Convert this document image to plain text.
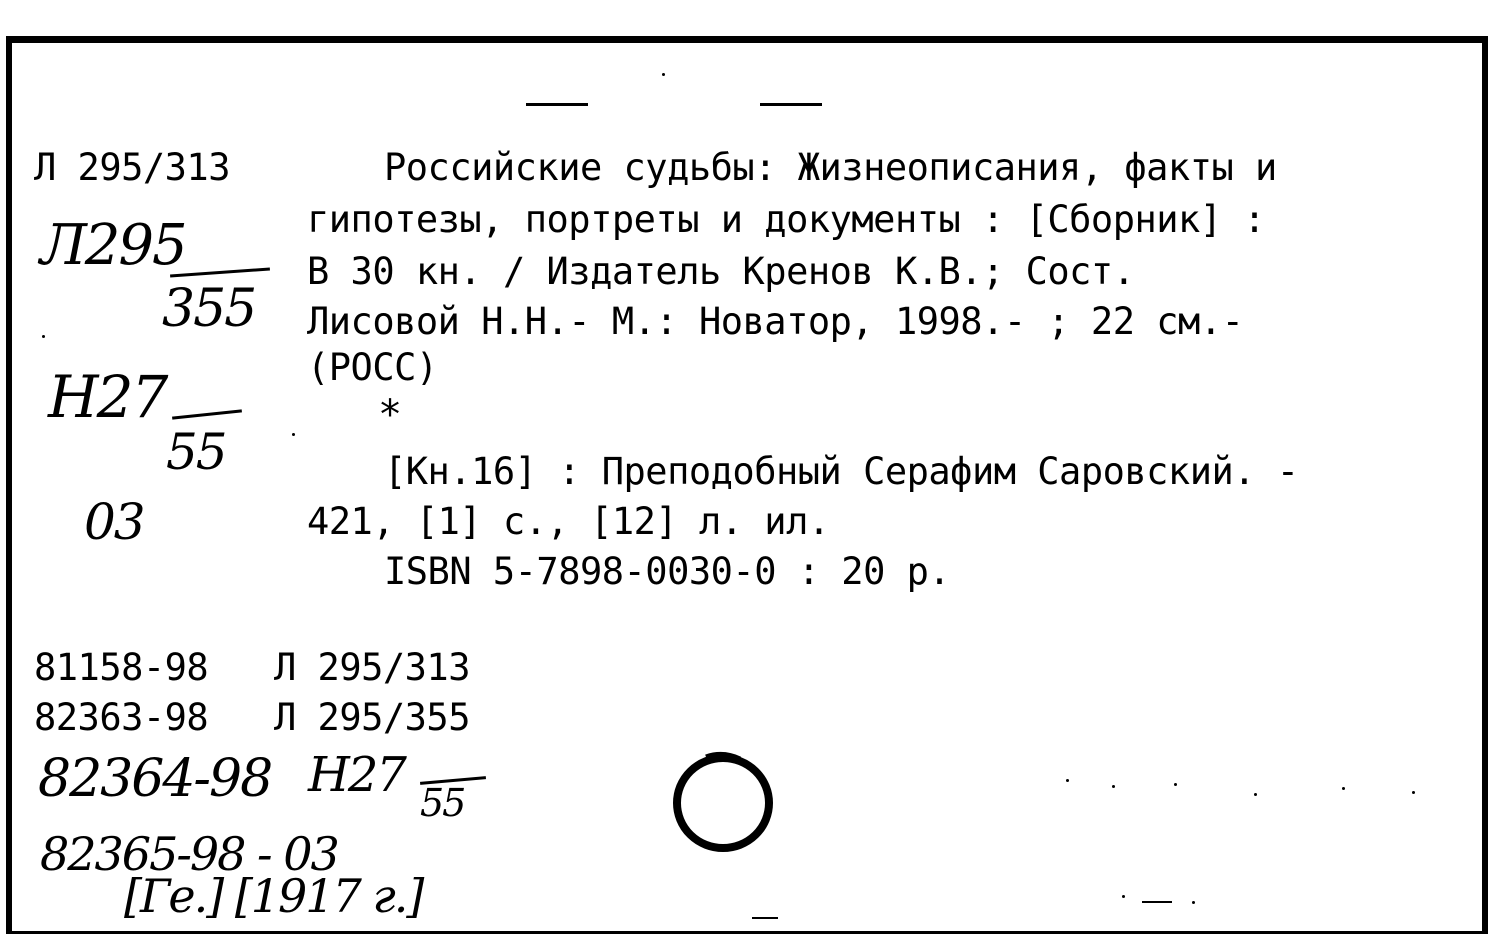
Л 295/313	Российские судьбы: Жизнеописания, факты и
гипотезы, портреты и документы : [Сборник] :
В 30 кн. / Издатель Кренов К.В.; Сост.
Лисовой Н.Н.- М.: Новатор, 1998.- ; 22 см.-
(РОСС)
*
[Кн.16] : Преподобный Серафим Саровский. -
421, [1] с., [12] л. ил.
ISBN 5-7898-0030-0 : 20 р.
81158-98 Л 295/313
82363-98 Л 295/355
Л295
355
Н27
55
03
82364-98 Н27 55
82365-98 - 03
[Ге.] [1917 г.]
